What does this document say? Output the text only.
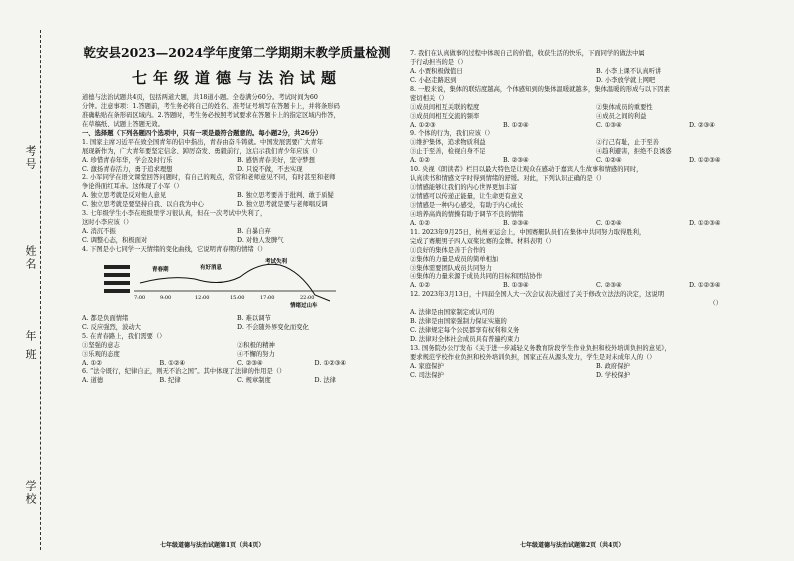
学校
年 班
姓名
考号

乾安县2023—2024学年度第二学期期末教学质量检测

七年级道德与法治试题

道德与法治试题共4页，包括两道大题，共18道小题。全卷满分60分。考试时间为60

分钟。注意事项：1.答题前，考生务必将自己的姓名、准考证号填写在答题卡上，并将条形码

准确粘贴在条形码区域内。2.答题时，考生务必按照考试要求在答题卡上的指定区域内作答，

在草稿纸、试题上答题无效。

一、选择题（下列各题四个选项中，只有一项是最符合题意的。每小题2分，共26分）

1. 国家主席习近平在致全国青年的信中指出，青春由奋斗铸就。中国发展需要广大青年

展现新作为，广大青年要坚定信念、踔厉奋发、勇毅前行，这启示我们青少年应该（）

A. 珍惜青春年华，学会及时行乐	B. 感悟青春美好，坚守梦想
C. 激扬青春活力，勇于追求理想	D. 只说不做，不去实现

2. 小军同学在语文课堂回答问题时，有自己的观点，常常和老师意见不同，有时甚至和老师

争论得面红耳赤。这体现了小军（）

A. 独立思考就是反对他人意见	B. 独立思考要善于批判、敢于质疑
C. 独立思考就是要坚持自我、以自我为中心	D. 独立思考就是要与老师唱反调

3. 七年级学生小李在班级里学习很认真，但在一次考试中失利了，

这时小李应该（）

A. 消沉不振	B. 自暴自弃
C. 调整心态，积极面对	D. 对他人发脾气

4. 下图是小七同学一天情绪的变化曲线，它说明青春期的情绪（）

青春期	有好消息
考试失利
情绪过山车
7:00	9:00	12:00	15:00	17:00	22:00
A. 都是负面情绪	B. 难以调节
C. 反应强烈，波动大	D. 不会随外界变化而变化

5. 在青春路上，我们需要（）

①坚强的意志	②积极的精神
③乐观的态度	④不懈的努力
A. ①②	B. ①②④	C. ②③④	D. ①②③④

6. “法令既行，纪律自正，则无不治之国”。其中体现了法律的作用是（）

A. 道德	B. 纪律	C. 规章制度	D. 法律
七年级道德与法治试题第1页（共4页）

7. 我们在认真做事的过程中体现自己的价值，收获生活的快乐，下面同学的做法中属

于行动担当的是（）

A. 小贾积极做值日	B. 小李上课不认真听讲
C. 小赵走路迟到	D. 小李放学就上网吧

8. 一般来说，集体的联结度越高，个体感知到的集体温暖就越多，集体温暖的形成与以下因素

密切相关（）

①成员间相互关联的程度	②集体成员的重要性
③成员间相互交流的频率	④成员之间的利益
A. ①②③	B. ①②④	C. ①③④	D. ②③④

9. 个体的行为，我们应该（）

①维护集体，追求物质利益	②行己有耻，止于至善
③止于至善，检视自身不足	④趋利避害，拒绝不良诱惑
A. ①②	B. ②③④	C. ①②④	D. ①②③④

10. 央视《朗读者》栏目以最大特色是让观众在感动于嘉宾人生故事和情感的同时，

认真读书和情感文字时得到情绪的舒缓。对此，下列认识正确的是（）

①情感能够让我们的内心世界更加丰富

②情感可以传递正能量，让生命更有意义

③情感是一种内心感受，有助于内心成长

④培养高尚的情操有助于调节不良的情绪

A. ①②	B. ②③④	C. ①②④	D. ①②③④

11. 2023年9月25日，杭州亚运会上，中国赛艇队员们在集体中共同努力取得胜利，

完成了赛艇男子四人双桨比赛的金牌。材料表明（）

①良好的集体是善于合作的

②集体的力量是成员的简单相加

③集体需要团队成员共同努力

④集体的力量来源于成员共同的目标和团结协作

A. ①②	B. ①③④	C. ②③④	D. ①②③④

12. 2023年3月13日，十四届全国人大一次会议表决通过了关于修改立法法的决定，这说明

（）

A. 法律是由国家制定或认可的

B. 法律是由国家强制力保证实施的

C. 法律规定每个公民都享有权利和义务

D. 法律对全体社会成员具有普遍约束力

13. 国务院办公厅发布《关于进一步减轻义务教育阶段学生作业负担和校外培训负担的意见》，

要求规范学校作业负担和校外培训负担，国家正在从源头发力，学生是对未成年人的（）

A. 家庭保护	B. 政府保护
C. 司法保护	D. 学校保护
七年级道德与法治试题第2页（共4页）
